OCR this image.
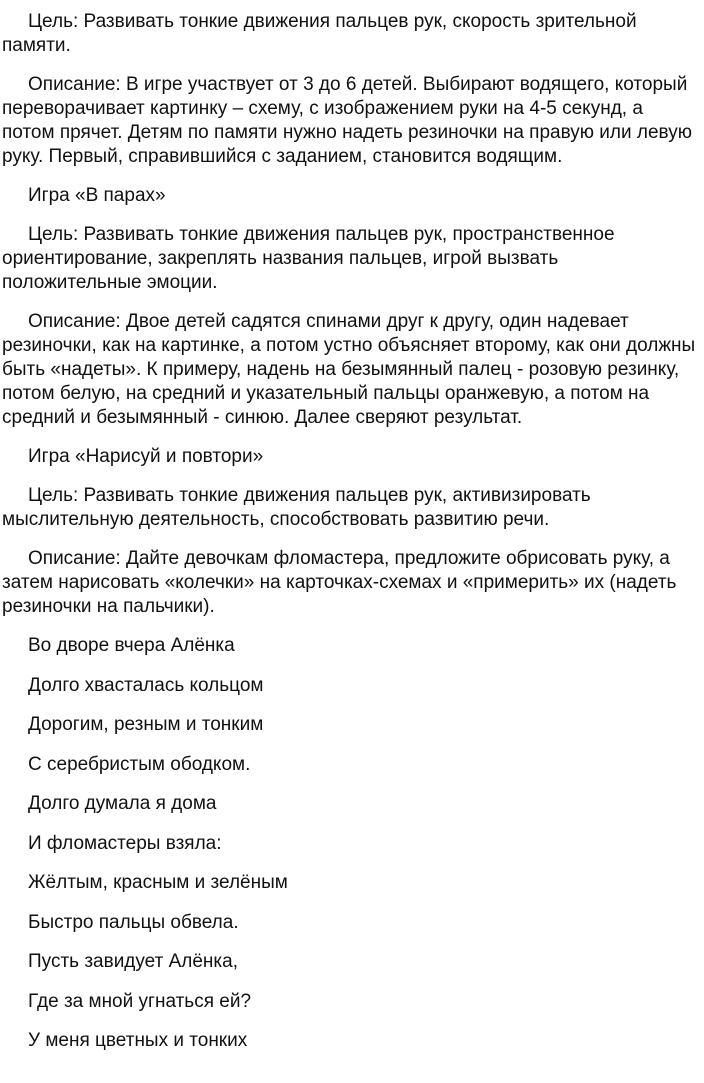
Цель: Развивать тонкие движения пальцев рук, скорость зрительной памяти.

Описание: В игре участвует от 3 до 6 детей. Выбирают водящего, который переворачивает картинку – схему, с изображением руки на 4-5 секунд, а потом прячет. Детям по памяти нужно надеть резиночки на правую или левую руку. Первый, справившийся с заданием, становится водящим.

Игра «В парах»

Цель: Развивать тонкие движения пальцев рук, пространственное ориентирование, закреплять названия пальцев, игрой вызвать положительные эмоции.

Описание: Двое детей садятся спинами друг к другу, один надевает резиночки, как на картинке, а потом устно объясняет второму, как они должны быть «надеты». К примеру, надень на безымянный палец - розовую резинку, потом белую, на средний и указательный пальцы оранжевую, а потом на средний и безымянный - синюю. Далее сверяют результат.

Игра «Нарисуй и повтори»

Цель: Развивать тонкие движения пальцев рук, активизировать мыслительную деятельность, способствовать развитию речи.

Описание: Дайте девочкам фломастера, предложите обрисовать руку, а затем нарисовать «колечки» на карточках-схемах и «примерить» их (надеть резиночки на пальчики).

Во дворе вчера Алёнка

Долго хвасталась кольцом

Дорогим, резным и тонким

С серебристым ободком.

Долго думала я дома

И фломастеры взяла:

Жёлтым, красным и зелёным

Быстро пальцы обвела.

Пусть завидует Алёнка,

Где за мной угнаться ей?

У меня цветных и тонких
